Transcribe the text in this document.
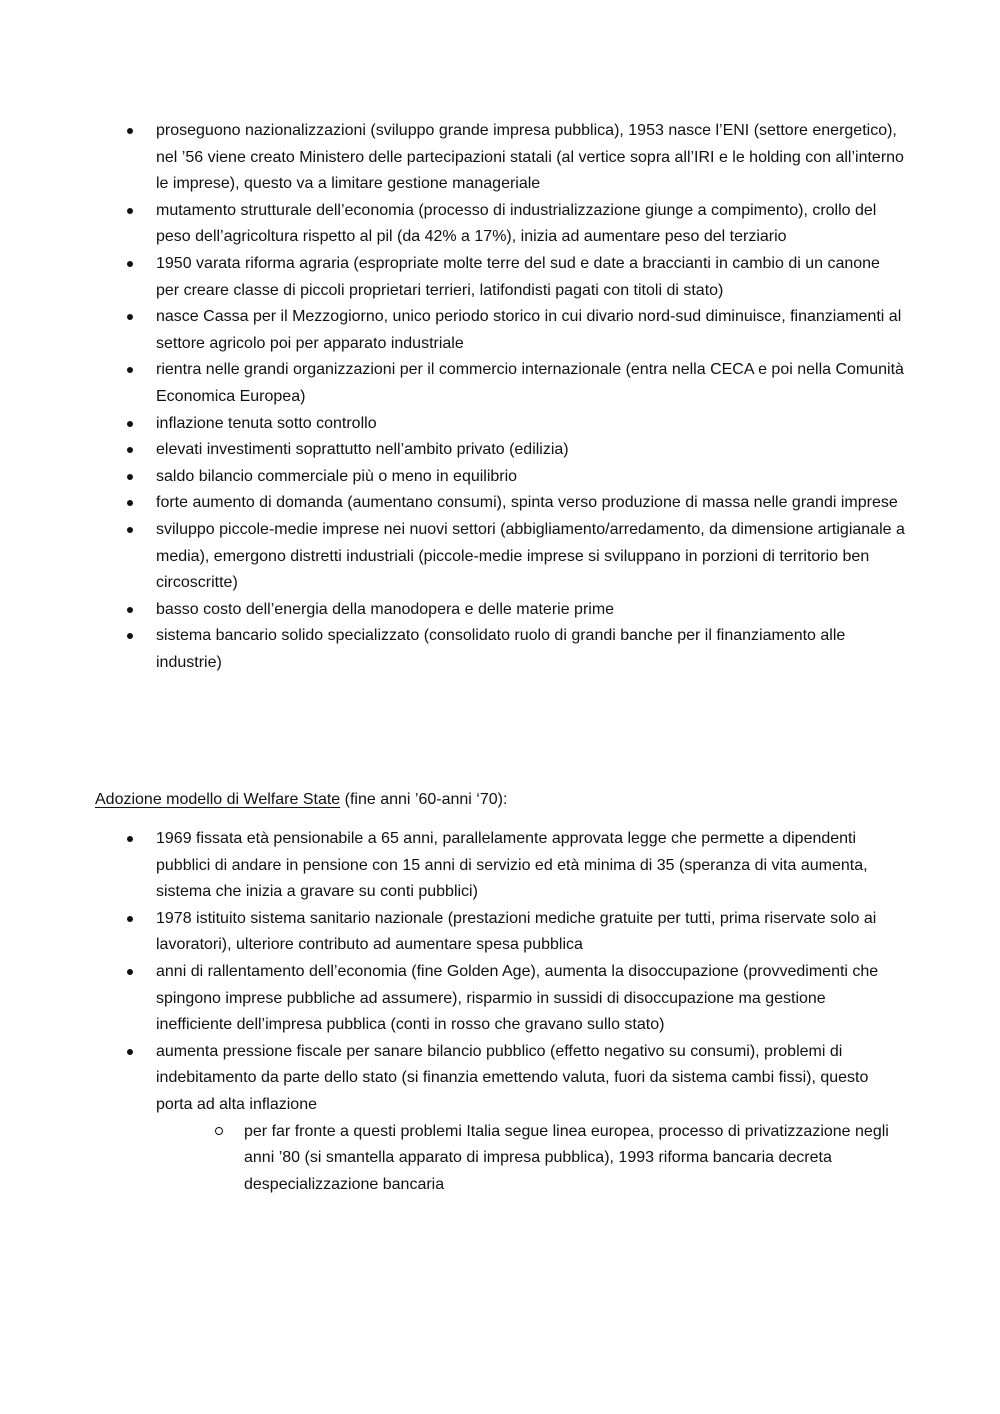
proseguono nazionalizzazioni (sviluppo grande impresa pubblica), 1953 nasce l’ENI (settore energetico), nel ’56 viene creato Ministero delle partecipazioni statali (al vertice sopra all’IRI e le holding con all’interno le imprese), questo va a limitare gestione manageriale
mutamento strutturale dell’economia (processo di industrializzazione giunge a compimento), crollo del peso dell’agricoltura rispetto al pil (da 42% a 17%), inizia ad aumentare peso del terziario
1950 varata riforma agraria (espropriate molte terre del sud e date a braccianti in cambio di un canone per creare classe di piccoli proprietari terrieri, latifondisti pagati con titoli di stato)
nasce Cassa per il Mezzogiorno, unico periodo storico in cui divario nord-sud diminuisce, finanziamenti al settore agricolo poi per apparato industriale
rientra nelle grandi organizzazioni per il commercio internazionale (entra nella CECA e poi nella Comunità Economica Europea)
inflazione tenuta sotto controllo
elevati investimenti soprattutto nell’ambito privato (edilizia)
saldo bilancio commerciale più o meno in equilibrio
forte aumento di domanda (aumentano consumi), spinta verso produzione di massa nelle grandi imprese
sviluppo piccole-medie imprese nei nuovi settori (abbigliamento/arredamento, da dimensione artigianale a media), emergono distretti industriali (piccole-medie imprese si sviluppano in porzioni di territorio ben circoscritte)
basso costo dell’energia della manodopera e delle materie prime
sistema bancario solido specializzato (consolidato ruolo di grandi banche per il finanziamento alle industrie)
Adozione modello di Welfare State (fine anni ’60-anni ‘70):
1969 fissata età pensionabile a 65 anni, parallelamente approvata legge che permette a dipendenti pubblici di andare in pensione con 15 anni di servizio ed età minima di 35 (speranza di vita aumenta, sistema che inizia a gravare su conti pubblici)
1978 istituito sistema sanitario nazionale (prestazioni mediche gratuite per tutti, prima riservate solo ai lavoratori), ulteriore contributo ad aumentare spesa pubblica
anni di rallentamento dell’economia (fine Golden Age), aumenta la disoccupazione (provvedimenti che spingono imprese pubbliche ad assumere), risparmio in sussidi di disoccupazione ma gestione inefficiente dell’impresa pubblica (conti in rosso che gravano sullo stato)
aumenta pressione fiscale per sanare bilancio pubblico (effetto negativo su consumi), problemi di indebitamento da parte dello stato (si finanzia emettendo valuta, fuori da sistema cambi fissi), questo porta ad alta inflazione
per far fronte a questi problemi Italia segue linea europea, processo di privatizzazione negli anni ’80 (si smantella apparato di impresa pubblica), 1993 riforma bancaria decreta despecializzazione bancaria
